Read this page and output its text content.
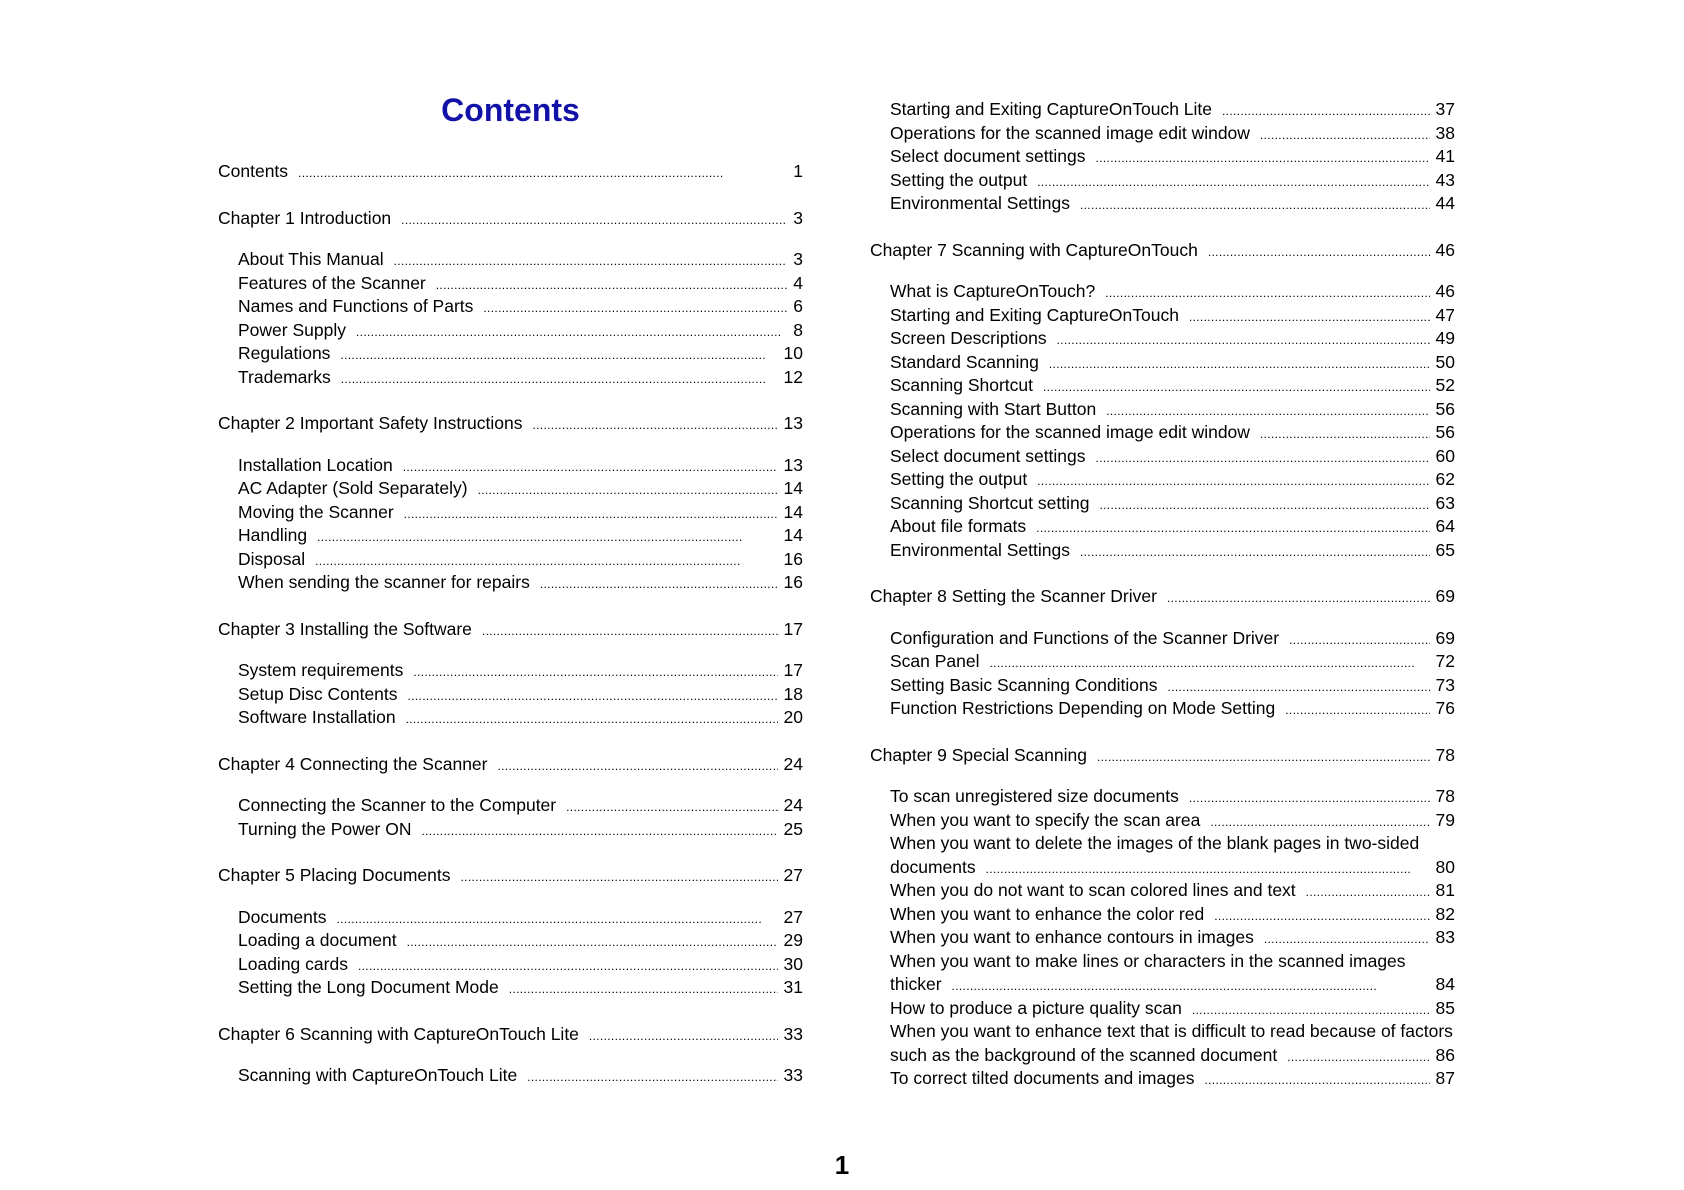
Contents
Contents . . .	1
Chapter 1 Introduction . . .	3
About This Manual . . .	3
Features of the Scanner . . .	4
Names and Functions of Parts . . .	6
Power Supply . . .	8
Regulations . . .	10
Trademarks . . .	12
Chapter 2 Important Safety Instructions . . .	13
Installation Location . . .	13
AC Adapter (Sold Separately) . . .	14
Moving the Scanner . . .	14
Handling . . .	14
Disposal . . .	16
When sending the scanner for repairs . . .	16
Chapter 3 Installing the Software . . .	17
System requirements . . .	17
Setup Disc Contents . . .	18
Software Installation . . .	20
Chapter 4 Connecting the Scanner . . .	24
Connecting the Scanner to the Computer . . .	24
Turning the Power ON . . .	25
Chapter 5 Placing Documents . . .	27
Documents . . .	27
Loading a document . . .	29
Loading cards . . .	30
Setting the Long Document Mode . . .	31
Chapter 6 Scanning with CaptureOnTouch Lite . . .	33
Scanning with CaptureOnTouch Lite . . .	33
Starting and Exiting CaptureOnTouch Lite . . .	37
Operations for the scanned image edit window . . .	38
Select document settings . . .	41
Setting the output . . .	43
Environmental Settings . . .	44
Chapter 7 Scanning with CaptureOnTouch . . .	46
What is CaptureOnTouch? . . .	46
Starting and Exiting CaptureOnTouch . . .	47
Screen Descriptions . . .	49
Standard Scanning . . .	50
Scanning Shortcut . . .	52
Scanning with Start Button . . .	56
Operations for the scanned image edit window . . .	56
Select document settings . . .	60
Setting the output . . .	62
Scanning Shortcut setting . . .	63
About file formats . . .	64
Environmental Settings . . .	65
Chapter 8 Setting the Scanner Driver . . .	69
Configuration and Functions of the Scanner Driver . . .	69
Scan Panel . . .	72
Setting Basic Scanning Conditions . . .	73
Function Restrictions Depending on Mode Setting . . .	76
Chapter 9 Special Scanning . . .	78
To scan unregistered size documents . . .	78
When you want to specify the scan area . . .	79
When you want to delete the images of the blank pages in two-sided
documents . . .	80
When you do not want to scan colored lines and text . . .	81
When you want to enhance the color red . . .	82
When you want to enhance contours in images . . .	83
When you want to make lines or characters in the scanned images
thicker . . .	84
How to produce a picture quality scan . . .	85
When you want to enhance text that is difficult to read because of factors
such as the background of the scanned document . . .	86
To correct tilted documents and images . . .	87
1
